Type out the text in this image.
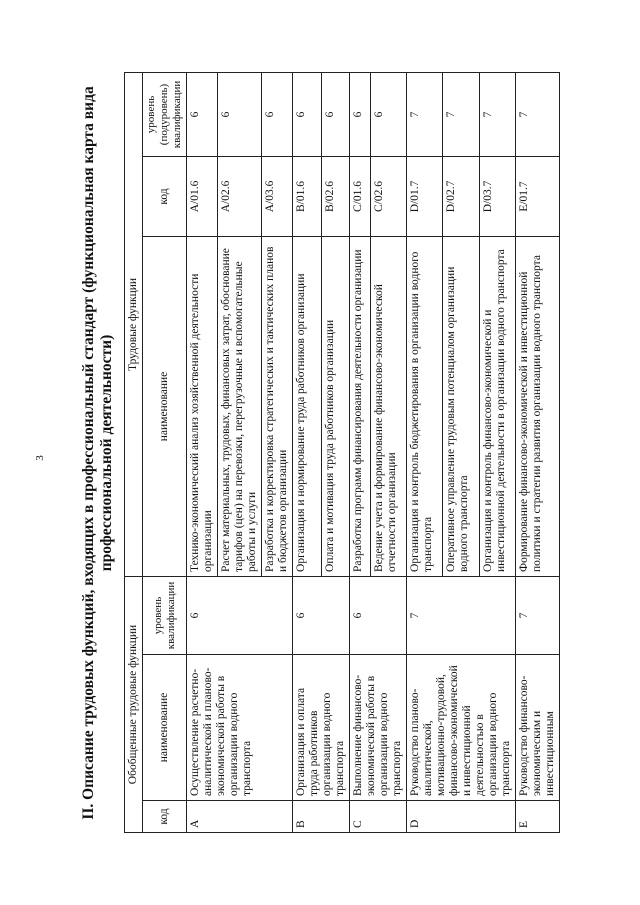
3 II. Описание трудовых функций, входящих в профессиональный стандарт (функциональная карта вида профессиональной деятельности)
Обобщенные трудовые функции			Трудовые функции		
код	наименование	уровень квалификации	наименование	код	уровень (подуровень) квалификации
A	Осуществление расчетно-аналитической и планово-экономической работы в организации водного транспорта	6	Технико-экономический анализ хозяйственной деятельности организации	A/01.6	6
			Расчет материальных, трудовых, финансовых затрат, обоснование тарифов (цен) на перевозки, перегрузочные и вспомогательные работы и услуги	A/02.6	6
			Разработка и корректировка стратегических и тактических планов и бюджетов организации	A/03.6	6
B	Организация и оплата труда работников организации водного транспорта	6	Организация и нормирование труда работников организации	B/01.6	6
			Оплата и мотивация труда работников организации	B/02.6	6
C	Выполнение финансово-экономической работы в организации водного транспорта	6	Разработка программ финансирования деятельности организации	C/01.6	6
			Ведение учета и формирование финансово-экономической отчетности организации	C/02.6	6
D	Руководство планово-аналитической, мотивационно-трудовой, финансово-экономической и инвестиционной деятельностью в организации водного транспорта	7	Организация и контроль бюджетирования в организации водного транспорта	D/01.7	7
			Оперативное управление трудовым потенциалом организации водного транспорта	D/02.7	7
			Организация и контроль финансово-экономической и инвестиционной деятельности в организации водного транспорта	D/03.7	7
E	Руководство финансово-экономическим и инвестиционным	7	Формирование финансово-экономической и инвестиционной политики и стратегии развития организации водного транспорта	E/01.7	7
